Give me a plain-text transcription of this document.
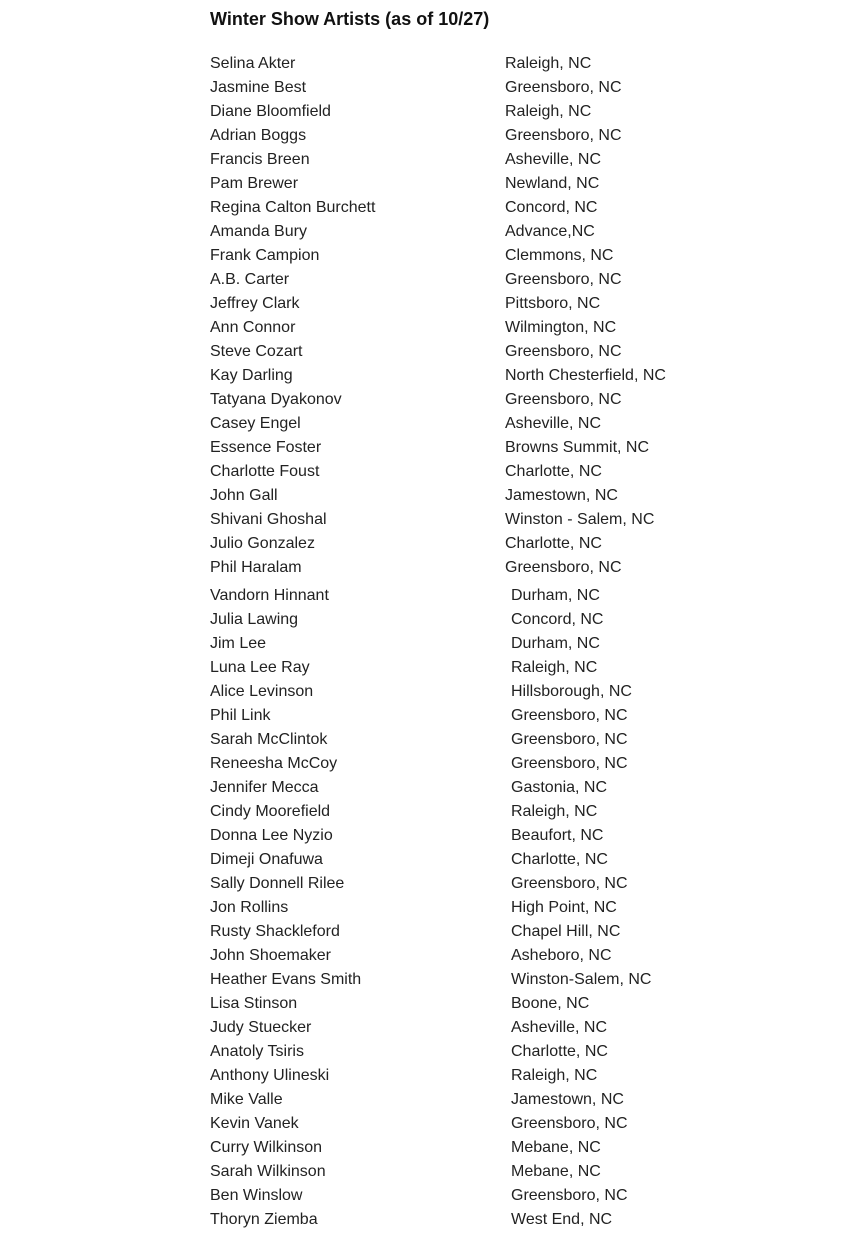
Winter Show Artists (as of 10/27)
Selina Akter	Raleigh, NC
Jasmine Best	Greensboro, NC
Diane Bloomfield	Raleigh, NC
Adrian Boggs	Greensboro, NC
Francis Breen	Asheville, NC
Pam Brewer	Newland, NC
Regina Calton Burchett	Concord, NC
Amanda Bury	Advance,NC
Frank Campion	Clemmons, NC
A.B. Carter	Greensboro, NC
Jeffrey Clark	Pittsboro, NC
Ann Connor	Wilmington, NC
Steve Cozart	Greensboro, NC
Kay Darling	North Chesterfield, NC
Tatyana Dyakonov	Greensboro, NC
Casey Engel	Asheville, NC
Essence Foster	Browns Summit, NC
Charlotte Foust	Charlotte, NC
John Gall	Jamestown, NC
Shivani Ghoshal	Winston - Salem, NC
Julio Gonzalez	Charlotte, NC
Phil Haralam	Greensboro, NC
Vandorn Hinnant	Durham, NC
Julia Lawing	Concord, NC
Jim Lee	Durham, NC
Luna Lee Ray	Raleigh, NC
Alice Levinson	Hillsborough, NC
Phil Link	Greensboro, NC
Sarah McClintok	Greensboro, NC
Reneesha McCoy	Greensboro, NC
Jennifer Mecca	Gastonia, NC
Cindy Moorefield	Raleigh, NC
Donna Lee Nyzio	Beaufort, NC
Dimeji Onafuwa	Charlotte, NC
Sally Donnell Rilee	Greensboro, NC
Jon Rollins	High Point, NC
Rusty Shackleford	Chapel Hill, NC
John Shoemaker	Asheboro, NC
Heather Evans Smith	Winston-Salem, NC
Lisa Stinson	Boone, NC
Judy Stuecker	Asheville, NC
Anatoly Tsiris	Charlotte, NC
Anthony Ulineski	Raleigh, NC
Mike Valle	Jamestown, NC
Kevin Vanek	Greensboro, NC
Curry Wilkinson	Mebane, NC
Sarah Wilkinson	Mebane, NC
Ben Winslow	Greensboro, NC
Thoryn Ziemba	West End, NC
